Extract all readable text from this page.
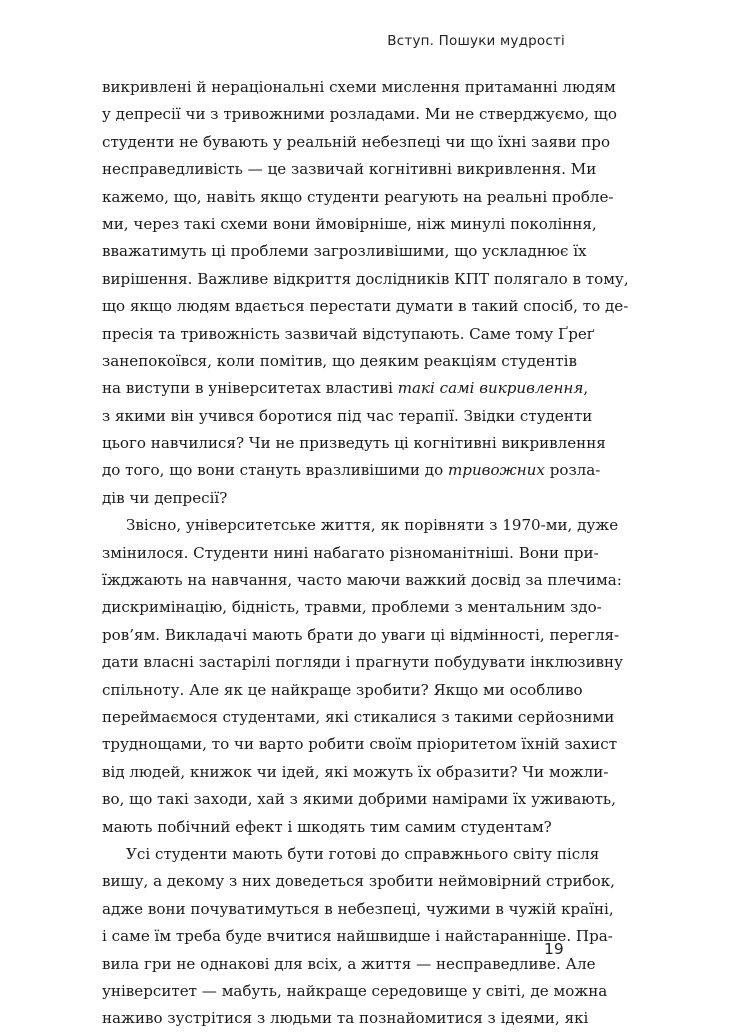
Вступ. Пошуки мудрості
викривлені й нераціональні схеми мислення притаманні людям
у депресії чи з тривожними розладами. Ми не стверджуємо, що
студенти не бувають у реальній небезпеці чи що їхні заяви про
несправедливість — це зазвичай когнітивні викривлення. Ми
кажемо, що, навіть якщо студенти реагують на реальні пробле-
ми, через такі схеми вони ймовірніше, ніж минулі покоління,
вважатимуть ці проблеми загрозливішими, що ускладнює їх
вирішення. Важливе відкриття дослідників КПТ полягало в тому,
що якщо людям вдається перестати думати в такий спосіб, то де-
пресія та тривожність зазвичай відступають. Саме тому Ґреґ
занепокоївся, коли помітив, що деяким реакціям студентів
на виступи в університетах властиві такі самі викривлення,
з якими він учився боротися під час терапії. Звідки студенти
цього навчилися? Чи не призведуть ці когнітивні викривлення
до того, що вони стануть вразливішими до тривожних розла-
дів чи депресії?
Звісно, університетське життя, як порівняти з 1970-ми, дуже
змінилося. Студенти нині набагато різноманітніші. Вони при-
їжджають на навчання, часто маючи важкий досвід за плечима:
дискримінацію, бідність, травми, проблеми з ментальним здо-
ров’ям. Викладачі мають брати до уваги ці відмінності, перегля-
дати власні застарілі погляди і прагнути побудувати інклюзивну
спільноту. Але як це найкраще зробити? Якщо ми особливо
переймаємося студентами, які стикалися з такими серйозними
труднощами, то чи варто робити своїм пріоритетом їхній захист
від людей, книжок чи ідей, які можуть їх образити? Чи можли-
во, що такі заходи, хай з якими добрими намірами їх уживають,
мають побічний ефект і шкодять тим самим студентам?
Усі студенти мають бути готові до справжнього світу після
вишу, а декому з них доведеться зробити неймовірний стрибок,
адже вони почуватимуться в небезпеці, чужими в чужій країні,
і саме їм треба буде вчитися найшвидше і найстаранніше. Пра-
вила гри не однакові для всіх, а життя — несправедливе. Але
університет — мабуть, найкраще середовище у світі, де можна
наживо зустрітися з людьми та познайомитися з ідеями, які
19
